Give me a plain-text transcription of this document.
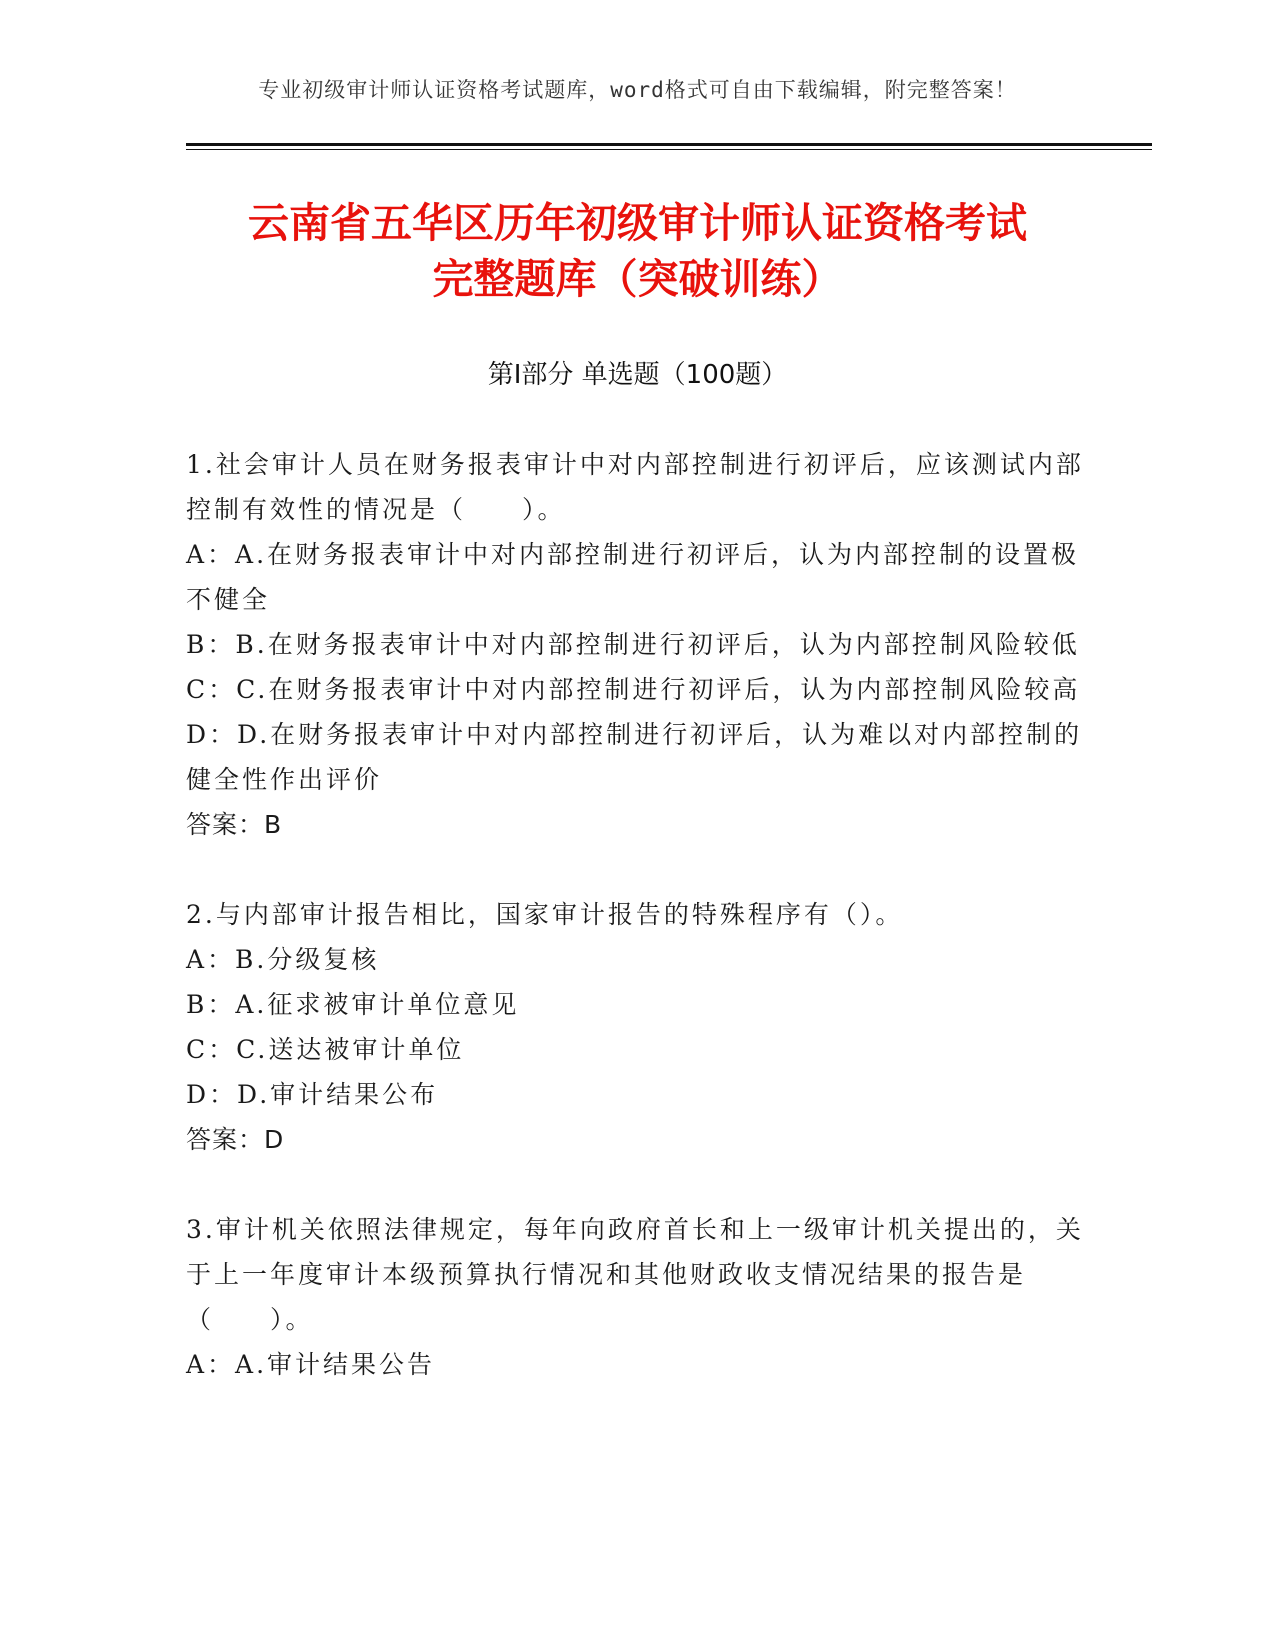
专业初级审计师认证资格考试题库，word格式可自由下载编辑，附完整答案！
云南省五华区历年初级审计师认证资格考试
完整题库（突破训练）
第Ⅰ部分 单选题（100题）

1.社会审计人员在财务报表审计中对内部控制进行初评后，应该测试内部控制有效性的情况是（　　）。

A：A.在财务报表审计中对内部控制进行初评后，认为内部控制的设置极不健全

B：B.在财务报表审计中对内部控制进行初评后，认为内部控制风险较低

C：C.在财务报表审计中对内部控制进行初评后，认为内部控制风险较高

D：D.在财务报表审计中对内部控制进行初评后，认为难以对内部控制的健全性作出评价

答案：B

2.与内部审计报告相比，国家审计报告的特殊程序有（）。

A：B.分级复核

B：A.征求被审计单位意见

C：C.送达被审计单位

D：D.审计结果公布

答案：D

3.审计机关依照法律规定，每年向政府首长和上一级审计机关提出的，关于上一年度审计本级预算执行情况和其他财政收支情况结果的报告是（　　）。

A：A.审计结果公告
